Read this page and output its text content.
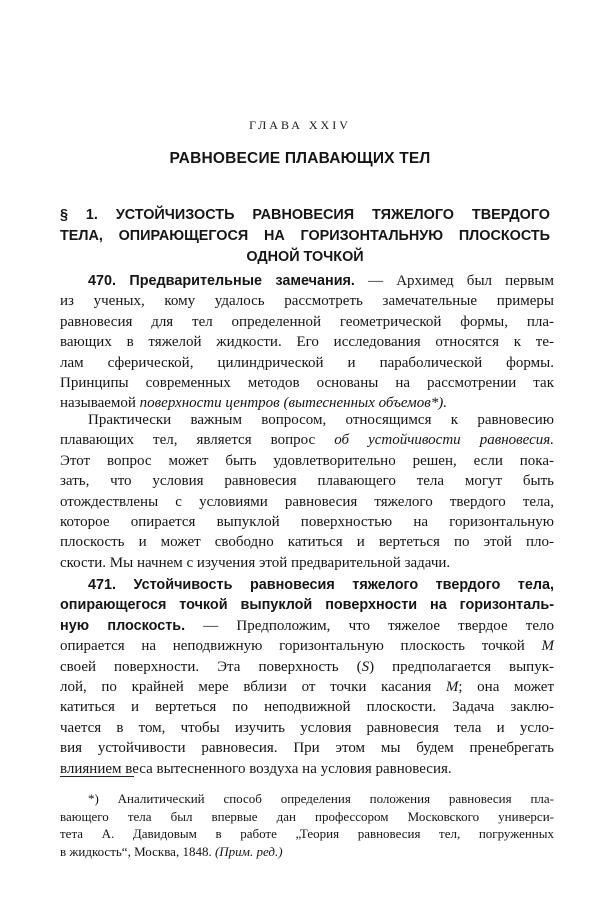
ГЛАВА XXIV
РАВНОВЕСИЕ ПЛАВАЮЩИХ ТЕЛ
§ 1. УСТОЙЧИЗОСТЬ РАВНОВЕСИЯ ТЯЖЕЛОГО ТВЕРДОГО
ТЕЛА, ОПИРАЮЩЕГОСЯ НА ГОРИЗОНТАЛЬНУЮ ПЛОСКОСТЬ
ОДНОЙ ТОЧКОЙ
470. Предварительные замечания. — Архимед был первым
из ученых, кому удалось рассмотреть замечательные примеры
равновесия для тел определенной геометрической формы, пла-
вающих в тяжелой жидкости. Его исследования относятся к те-
лам сферической, цилиндрической и параболической формы.
Принципы современных методов основаны на рассмотрении так
называемой поверхности центров (вытесненных объемов*).
Практически важным вопросом, относящимся к равновесию
плавающих тел, является вопрос об устойчивости равновесия.
Этот вопрос может быть удовлетворительно решен, если пока-
зать, что условия равновесия плавающего тела могут быть
отождествлены с условиями равновесия тяжелого твердого тела,
которое опирается выпуклой поверхностью на горизонтальную
плоскость и может свободно катиться и вертеться по этой пло-
скости. Мы начнем с изучения этой предварительной задачи.
471. Устойчивость равновесия тяжелого твердого тела,
опирающегося точкой выпуклой поверхности на горизонталь-
ную плоскость. — Предположим, что тяжелое твердое тело
опирается на неподвижную горизонтальную плоскость точкой M
своей поверхности. Эта поверхность (S) предполагается выпук-
лой, по крайней мере вблизи от точки касания M; она может
катиться и вертеться по неподвижной плоскости. Задача заклю-
чается в том, чтобы изучить условия равновесия тела и усло-
вия устойчивости равновесия. При этом мы будем пренебрегать
влиянием веса вытесненного воздуха на условия равновесия.
*) Аналитический способ определения положения равновесия пла-
вающего тела был впервые дан профессором Московского универси-
тета А. Давидовым в работе „Теория равновесия тел, погруженных
в жидкость“, Москва, 1848. (Прим. ред.)
